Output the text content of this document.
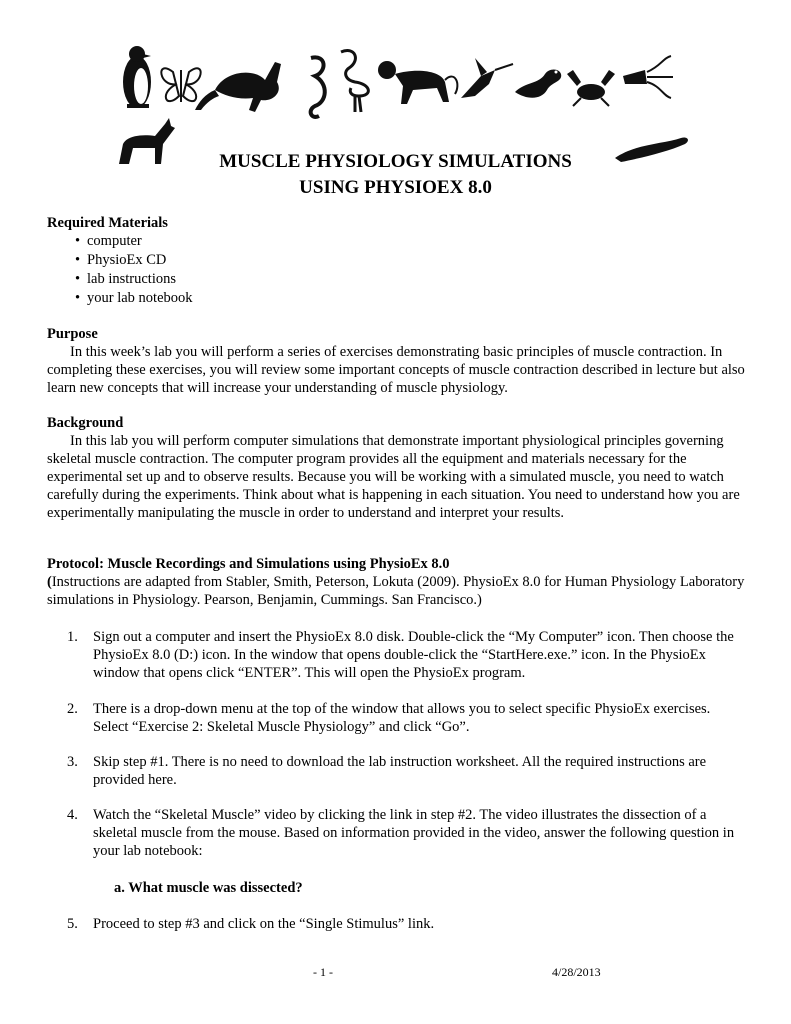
MUSCLE PHYSIOLOGY SIMULATIONS
USING PHYSIOEX 8.0
Required Materials
• computer
• PhysioEx CD
• lab instructions
• your lab notebook
Purpose

In this week’s lab you will perform a series of exercises demonstrating basic principles of muscle contraction. In completing these exercises, you will review some important concepts of muscle contraction described in lecture but also learn new concepts that will increase your understanding of muscle physiology.

Background

In this lab you will perform computer simulations that demonstrate important physiological principles governing skeletal muscle contraction. The computer program provides all the equipment and materials necessary for the experimental set up and to observe results. Because you will be working with a simulated muscle, you need to watch carefully during the experiments. Think about what is happening in each situation. You need to understand how you are experimentally manipulating the muscle in order to understand and interpret your results.

Protocol: Muscle Recordings and Simulations using PhysioEx 8.0

(Instructions are adapted from Stabler, Smith, Peterson, Lokuta (2009). PhysioEx 8.0 for Human Physiology Laboratory simulations in Physiology. Pearson, Benjamin, Cummings. San Francisco.)

1.	Sign out a computer and insert the PhysioEx 8.0 disk. Double-click the “My Computer” icon. Then choose the PhysioEx 8.0 (D:) icon. In the window that opens double-click the “StartHere.exe.” icon. In the PhysioEx window that opens click “ENTER”. This will open the PhysioEx program.
2.	There is a drop-down menu at the top of the window that allows you to select specific PhysioEx exercises. Select “Exercise 2: Skeletal Muscle Physiology” and click “Go”.
3.	Skip step #1. There is no need to download the lab instruction worksheet. All the required instructions are provided here.
4.	Watch the “Skeletal Muscle” video by clicking the link in step #2. The video illustrates the dissection of a skeletal muscle from the mouse. Based on information provided in the video, answer the following question in your lab notebook:
a. What muscle was dissected?
5.	Proceed to step #3 and click on the “Single Stimulus” link.
- 1 -	4/28/2013
